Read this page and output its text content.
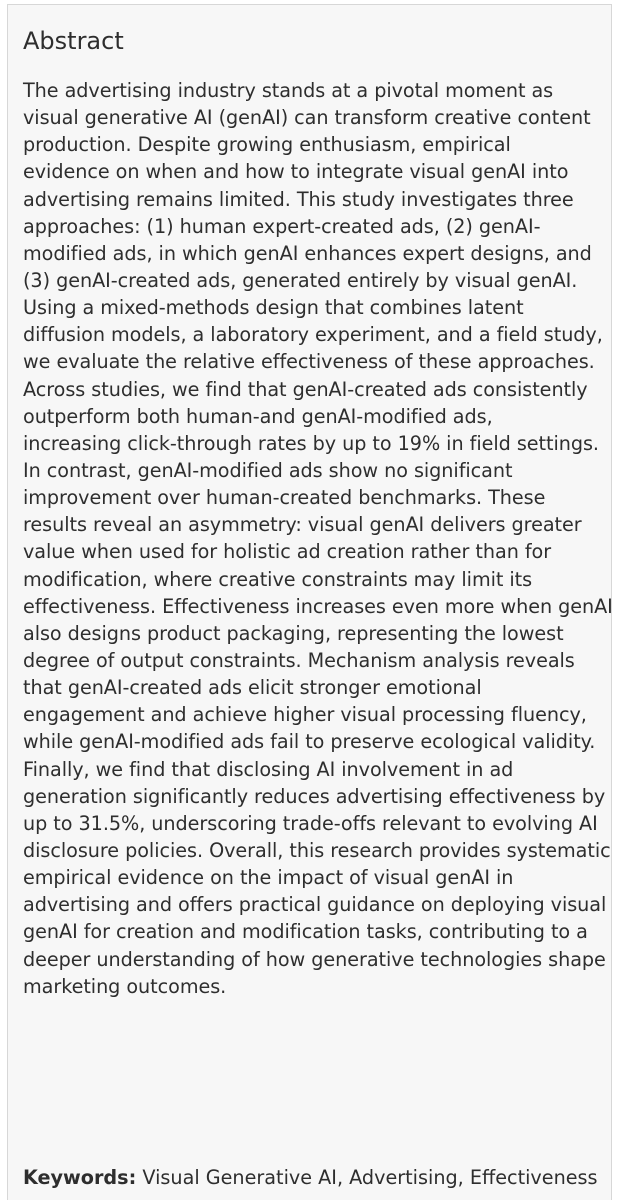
Abstract

The advertising industry stands at a pivotal moment as
visual generative AI (genAI) can transform creative content
production. Despite growing enthusiasm, empirical
evidence on when and how to integrate visual genAI into
advertising remains limited. This study investigates three
approaches: (1) human expert-created ads, (2) genAI-
modified ads, in which genAI enhances expert designs, and
(3) genAI-created ads, generated entirely by visual genAI.
Using a mixed-methods design that combines latent
diffusion models, a laboratory experiment, and a field study,
we evaluate the relative effectiveness of these approaches.
Across studies, we find that genAI-created ads consistently
outperform both human-and genAI-modified ads,
increasing click-through rates by up to 19% in field settings.
In contrast, genAI-modified ads show no significant
improvement over human-created benchmarks. These
results reveal an asymmetry: visual genAI delivers greater
value when used for holistic ad creation rather than for
modification, where creative constraints may limit its
effectiveness. Effectiveness increases even more when genAI
also designs product packaging, representing the lowest
degree of output constraints. Mechanism analysis reveals
that genAI-created ads elicit stronger emotional
engagement and achieve higher visual processing fluency,
while genAI-modified ads fail to preserve ecological validity.
Finally, we find that disclosing AI involvement in ad
generation significantly reduces advertising effectiveness by
up to 31.5%, underscoring trade-offs relevant to evolving AI
disclosure policies. Overall, this research provides systematic
empirical evidence on the impact of visual genAI in
advertising and offers practical guidance on deploying visual
genAI for creation and modification tasks, contributing to a
deeper understanding of how generative technologies shape
marketing outcomes.

Keywords: Visual Generative AI, Advertising, Effectiveness
